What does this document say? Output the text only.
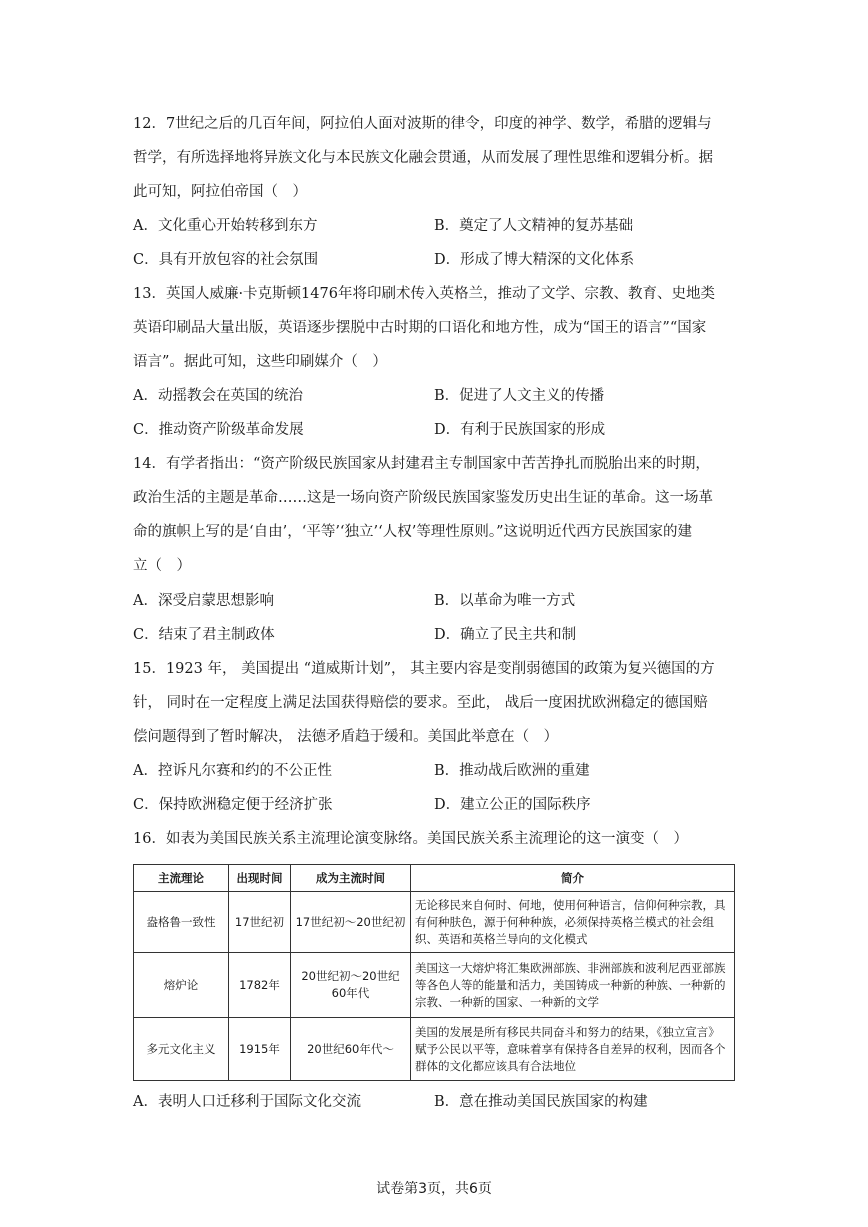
12．7世纪之后的几百年间，阿拉伯人面对波斯的律令，印度的神学、数学，希腊的逻辑与
哲学，有所选择地将异族文化与本民族文化融会贯通，从而发展了理性思维和逻辑分析。据
此可知，阿拉伯帝国（　）
A．文化重心开始转移到东方	B．奠定了人文精神的复苏基础
C．具有开放包容的社会氛围	D．形成了博大精深的文化体系
13．英国人威廉·卡克斯顿1476年将印刷术传入英格兰，推动了文学、宗教、教育、史地类
英语印刷品大量出版，英语逐步摆脱中古时期的口语化和地方性，成为“国王的语言”“国家
语言”。据此可知，这些印刷媒介（　）
A．动摇教会在英国的统治	B．促进了人文主义的传播
C．推动资产阶级革命发展	D．有利于民族国家的形成
14．有学者指出：“资产阶级民族国家从封建君主专制国家中苦苦挣扎而脱胎出来的时期，
政治生活的主题是革命……这是一场向资产阶级民族国家鉴发历史出生证的革命。这一场革
命的旗帜上写的是‘自由’，‘平等’‘独立’‘人权’等理性原则。”这说明近代西方民族国家的建
立（　）
A．深受启蒙思想影响	B．以革命为唯一方式
C．结束了君主制政体	D．确立了民主共和制
15．1923 年， 美国提出 “道威斯计划”， 其主要内容是变削弱德国的政策为复兴德国的方
针， 同时在一定程度上满足法国获得赔偿的要求。至此， 战后一度困扰欧洲稳定的德国赔
偿问题得到了暂时解决， 法德矛盾趋于缓和。美国此举意在（　）
A．控诉凡尔赛和约的不公正性	B．推动战后欧洲的重建
C．保持欧洲稳定便于经济扩张	D．建立公正的国际秩序
16．如表为美国民族关系主流理论演变脉络。美国民族关系主流理论的这一演变（　）
主流理论	出现时间	成为主流时间	简介
盎格鲁一致性	17世纪初	17世纪初～20世纪初	无论移民来自何时、何地，使用何种语言，信仰何种宗教，具有何种肤色，源于何种种族，必须保持英格兰模式的社会组织、英语和英格兰导向的文化模式
熔炉论	1782年	20世纪初～20世纪60年代	美国这一大熔炉将汇集欧洲部族、非洲部族和波利尼西亚部族等各色人等的能量和活力，美国铸成一种新的种族、一种新的宗教、一种新的国家、一种新的文学
多元文化主义	1915年	20世纪60年代～	美国的发展是所有移民共同奋斗和努力的结果，《独立宣言》赋予公民以平等，意味着享有保持各自差异的权利，因而各个群体的文化都应该具有合法地位
A．表明人口迁移利于国际文化交流	B．意在推动美国民族国家的构建
试卷第3页，共6页
